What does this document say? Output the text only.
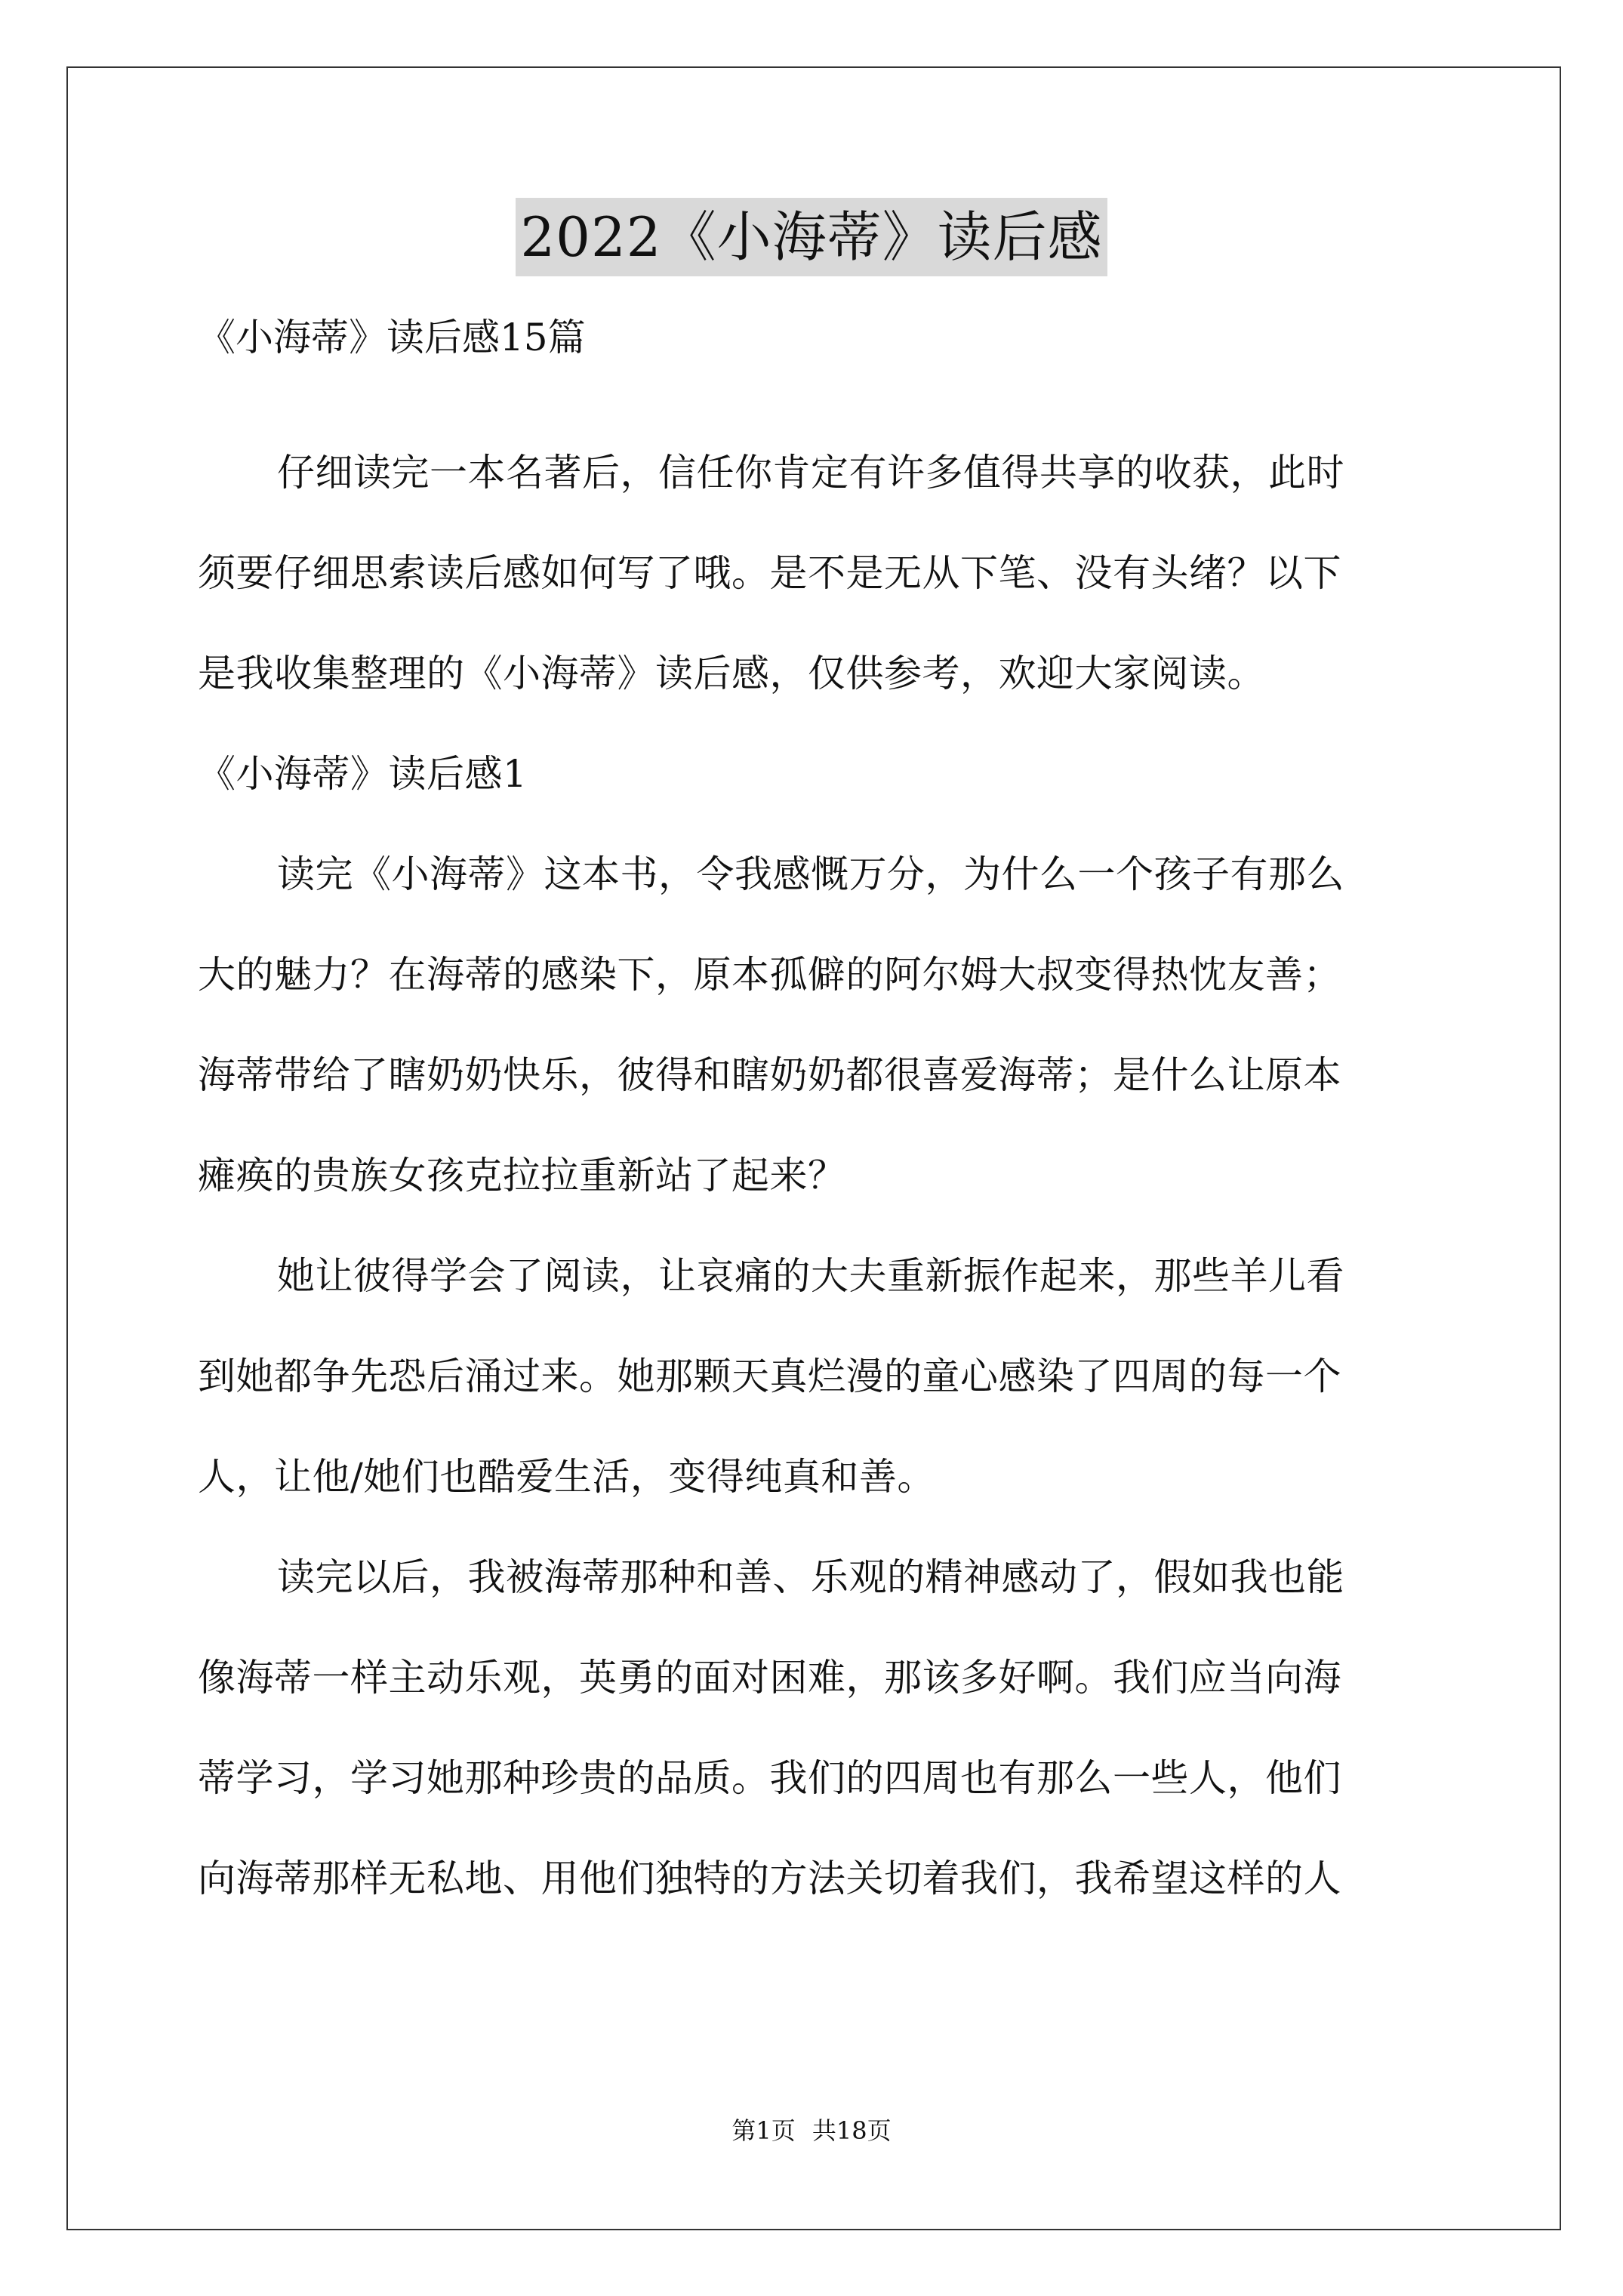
2022《小海蒂》读后感
《小海蒂》读后感15篇
仔细读完一本名著后，信任你肯定有许多值得共享的收获，此时
须要仔细思索读后感如何写了哦。是不是无从下笔、没有头绪？以下
是我收集整理的《小海蒂》读后感，仅供参考，欢迎大家阅读。
《小海蒂》读后感1
读完《小海蒂》这本书，令我感慨万分，为什么一个孩子有那么
大的魅力？在海蒂的感染下，原本孤僻的阿尔姆大叔变得热忱友善；
海蒂带给了瞎奶奶快乐，彼得和瞎奶奶都很喜爱海蒂；是什么让原本
瘫痪的贵族女孩克拉拉重新站了起来？
她让彼得学会了阅读，让哀痛的大夫重新振作起来，那些羊儿看
到她都争先恐后涌过来。她那颗天真烂漫的童心感染了四周的每一个
人，让他/她们也酷爱生活，变得纯真和善。
读完以后，我被海蒂那种和善、乐观的精神感动了，假如我也能
像海蒂一样主动乐观，英勇的面对困难，那该多好啊。我们应当向海
蒂学习，学习她那种珍贵的品质。我们的四周也有那么一些人，他们
向海蒂那样无私地、用他们独特的方法关切着我们，我希望这样的人
第1页 共18页
